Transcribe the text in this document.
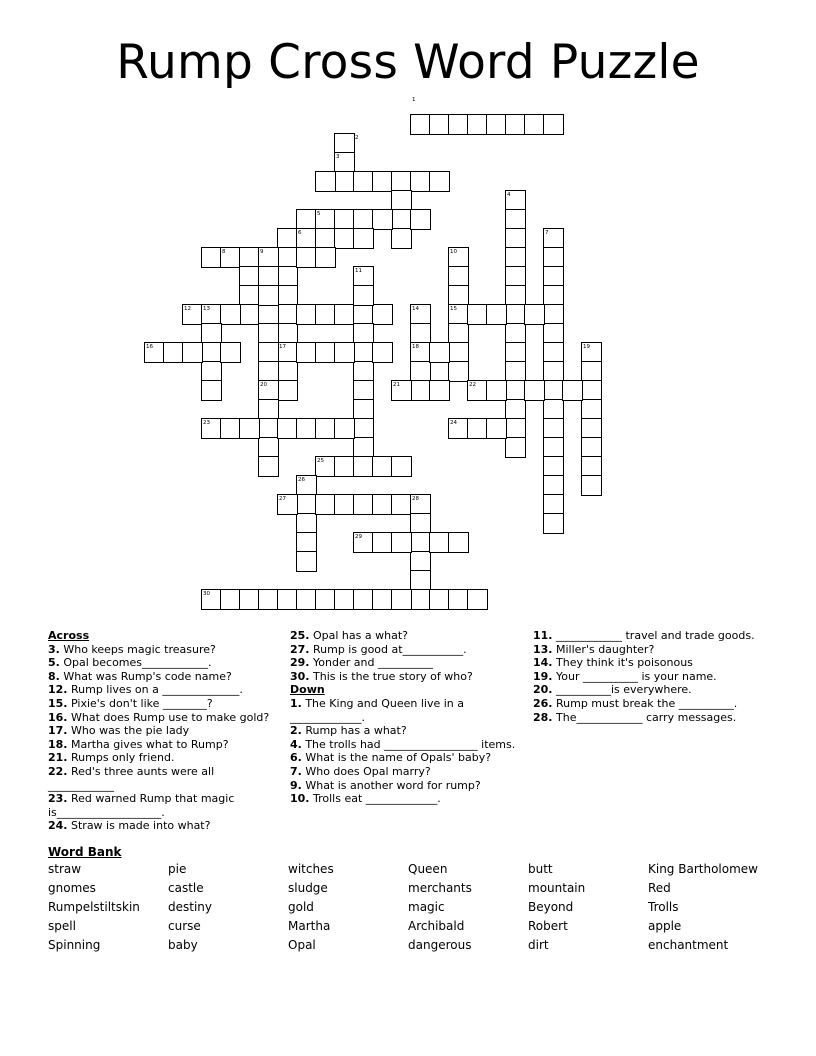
Rump Cross Word Puzzle
1
2
3
4
5
6	7
8	9	10
11
12 13	14	15
16	17	18	19
20	21	22
23	24
25
26
27	28
29
30
Across
3. Who keeps magic treasure?
5. Opal becomes____________.
8. What was Rump's code name?
12. Rump lives on a ______________.
15. Pixie's don't like ________?
16. What does Rump use to make gold?
17. Who was the pie lady
18. Martha gives what to Rump?
21. Rumps only friend.
22. Red's three aunts were all ____________
23. Red warned Rump that magic is___________________.
24. Straw is made into what?
25. Opal has a what?
27. Rump is good at___________.
29. Yonder and __________
30. This is the true story of who?
Down
1. The King and Queen live in a _____________.
2. Rump has a what?
4. The trolls had _________________ items.
6. What is the name of Opals' baby?
7. Who does Opal marry?
9. What is another word for rump?
10. Trolls eat _____________.
11. ____________ travel and trade goods.
13. Miller's daughter?
14. They think it's poisonous
19. Your __________ is your name.
20. __________is everywhere.
26. Rump must break the __________.
28. The____________ carry messages.
Word Bank
straw
gnomes
Rumpelstiltskin
spell
Spinning
pie
castle
destiny
curse
baby
witches
sludge
gold
Martha
Opal
Queen
merchants
magic
Archibald
dangerous
butt
mountain
Beyond
Robert
dirt
King Bartholomew
Red
Trolls
apple
enchantment
